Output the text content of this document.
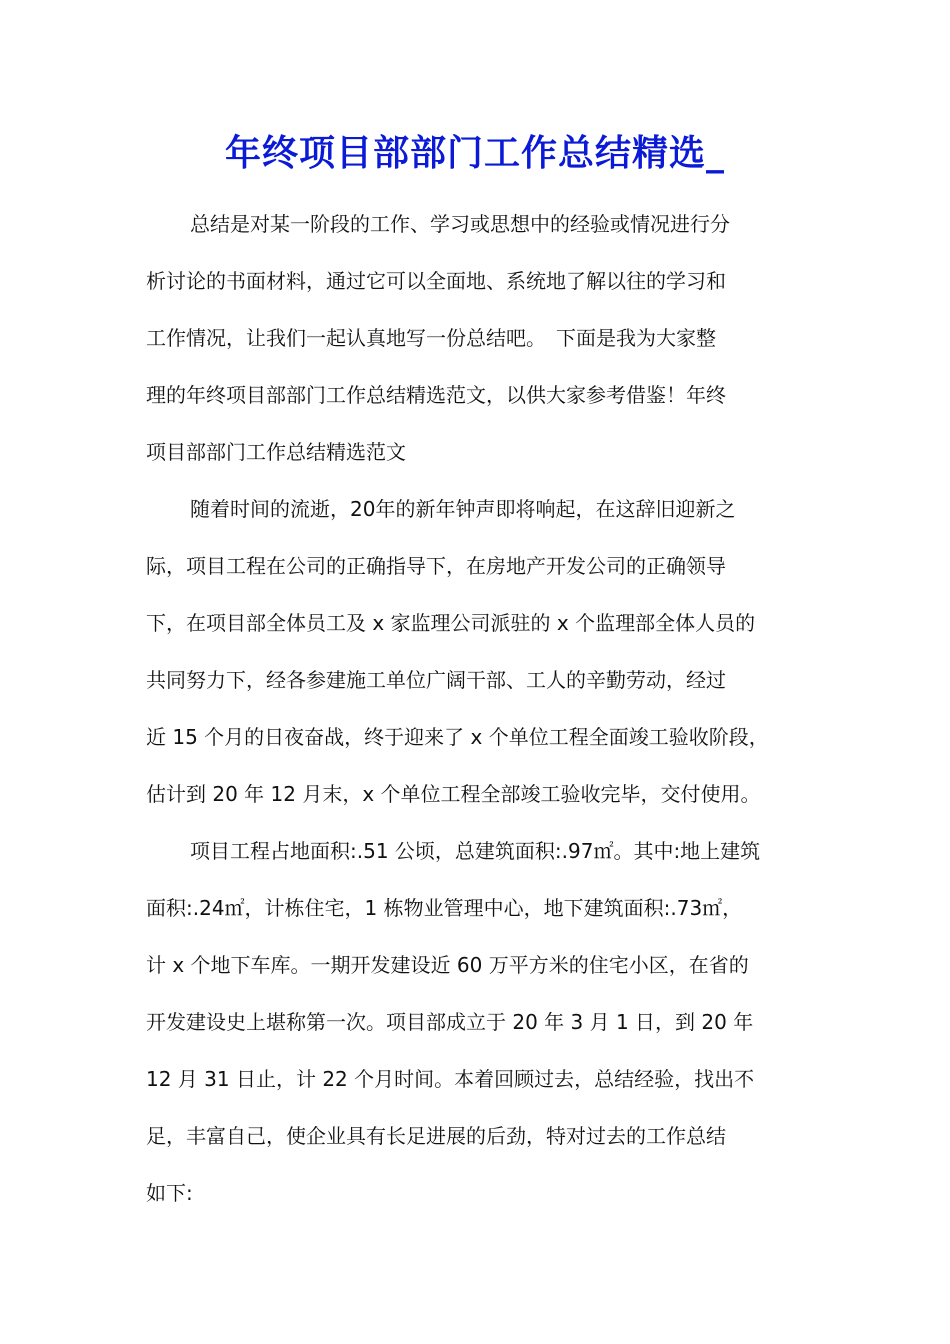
年终项目部部门工作总结精选_
总结是对某一阶段的工作、学习或思想中的经验或情况进行分
析讨论的书面材料，通过它可以全面地、系统地了解以往的学习和
工作情况，让我们一起认真地写一份总结吧。　下面是我为大家整
理的年终项目部部门工作总结精选范文，以供大家参考借鉴！年终
项目部部门工作总结精选范文
随着时间的流逝，20年的新年钟声即将响起，在这辞旧迎新之
际，项目工程在公司的正确指导下，在房地产开发公司的正确领导
下，在项目部全体员工及 x 家监理公司派驻的 x 个监理部全体人员的
共同努力下，经各参建施工单位广阔干部、工人的辛勤劳动，经过
近 15 个月的日夜奋战，终于迎来了 x 个单位工程全面竣工验收阶段，
估计到 20 年 12 月末，x 个单位工程全部竣工验收完毕，交付使用。
项目工程占地面积:.51 公顷，总建筑面积:.97㎡。其中:地上建筑
面积:.24㎡，计栋住宅，1 栋物业管理中心，地下建筑面积:.73㎡，
计 x 个地下车库。一期开发建设近 60 万平方米的住宅小区，在省的
开发建设史上堪称第一次。项目部成立于 20 年 3 月 1 日，到 20 年
12 月 31 日止，计 22 个月时间。本着回顾过去，总结经验，找出不
足，丰富自己，使企业具有长足进展的后劲，特对过去的工作总结
如下:
